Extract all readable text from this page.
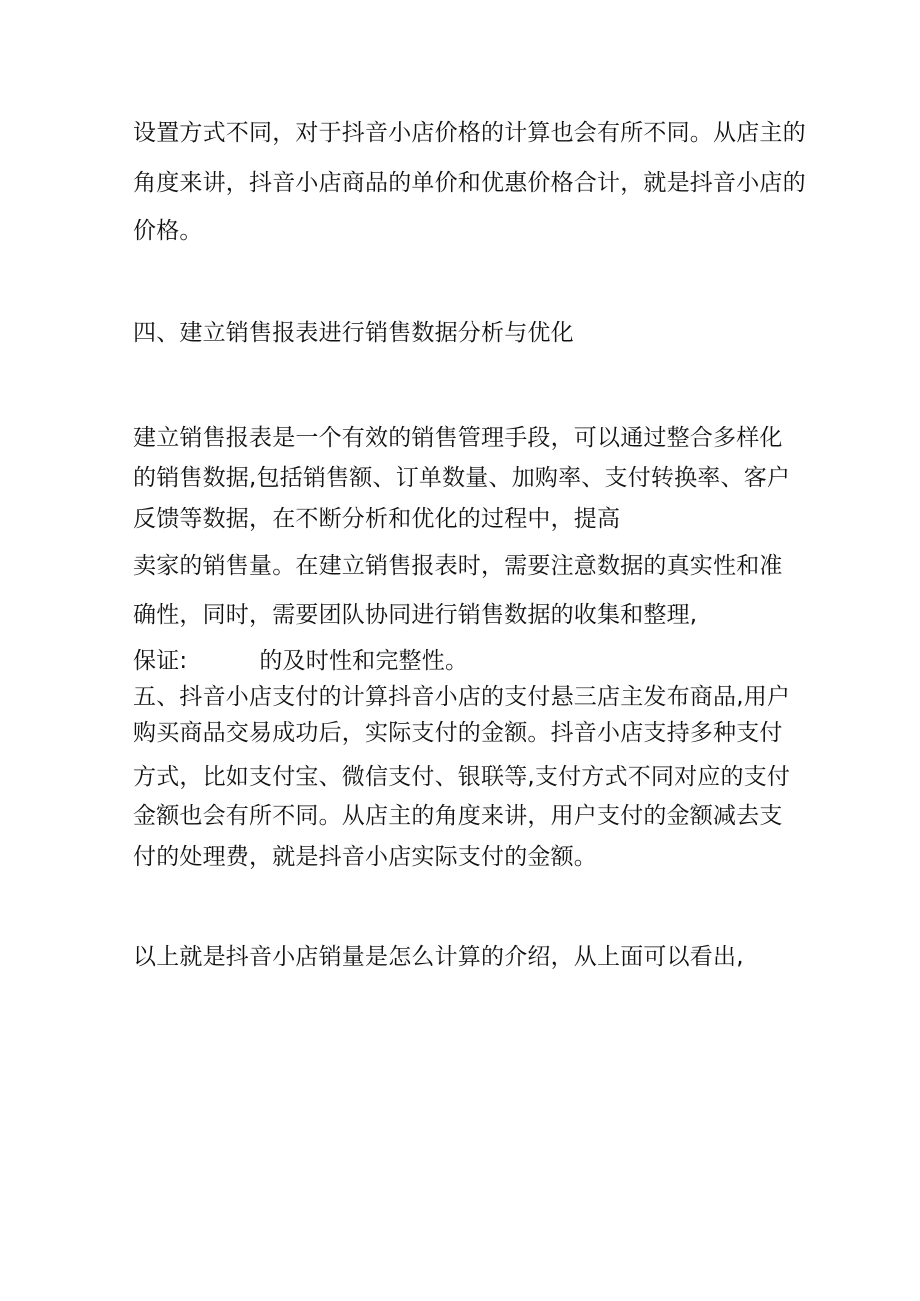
设置方式不同，对于抖音小店价格的计算也会有所不同。从店主的
角度来讲，抖音小店商品的单价和优惠价格合计，就是抖音小店的
价格。
四、建立销售报表进行销售数据分析与优化
建立销售报表是一个有效的销售管理手段，可以通过整合多样化
的销售数据,包括销售额、订单数量、加购率、支付转换率、客户
反馈等数据，在不断分析和优化的过程中，提高
卖家的销售量。在建立销售报表时，需要注意数据的真实性和准
确性，同时，需要团队协同进行销售数据的收集和整理,
保证:	的及时性和完整性。
五、抖音小店支付的计算抖音小店的支付悬三店主发布商品,用户
购买商品交易成功后，实际支付的金额。抖音小店支持多种支付
方式，比如支付宝、微信支付、银联等,支付方式不同对应的支付
金额也会有所不同。从店主的角度来讲，用户支付的金额减去支
付的处理费，就是抖音小店实际支付的金额。
以上就是抖音小店销量是怎么计算的介绍，从上面可以看出,
